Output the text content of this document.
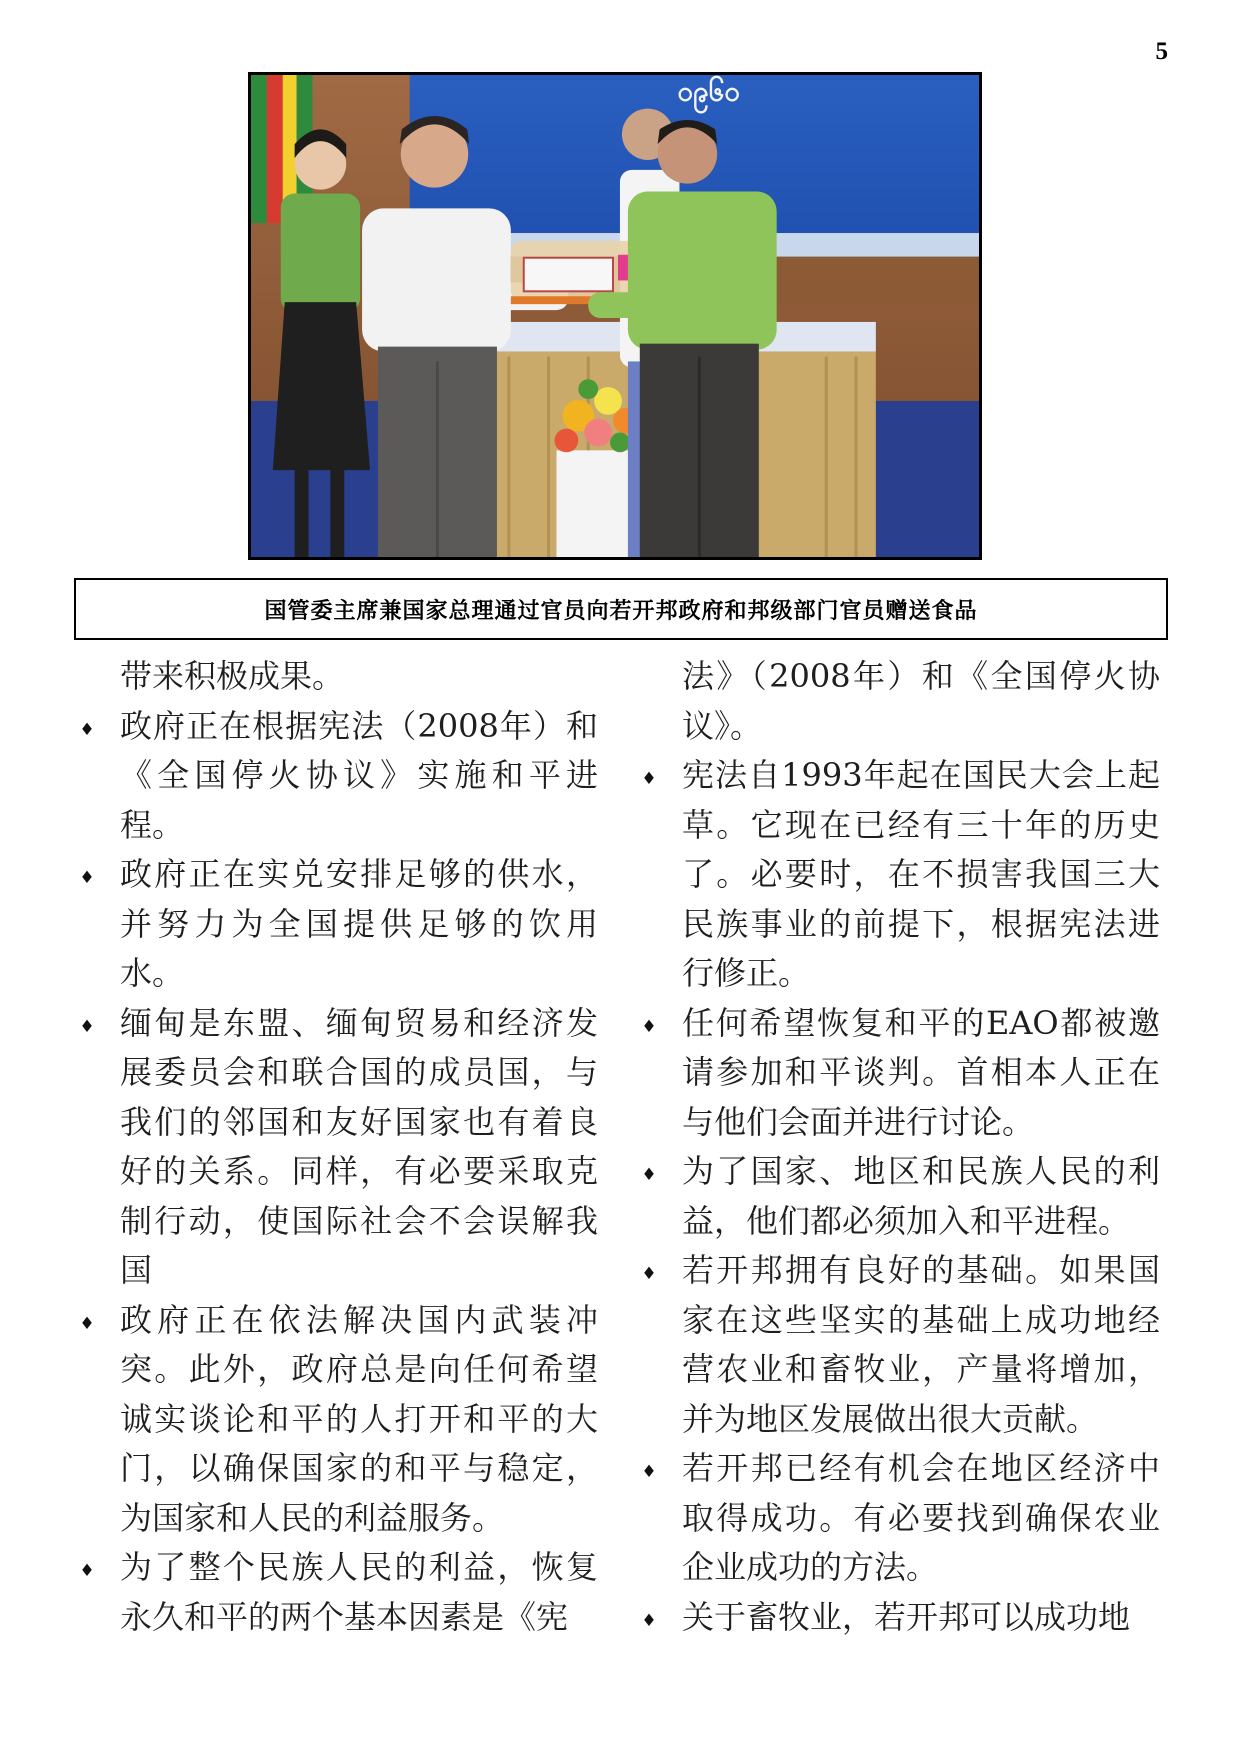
5
၀၉၆၀
国管委主席兼国家总理通过官员向若开邦政府和邦级部门官员赠送食品

带来积极成果。

♦ 政府正在根据宪法（2008年）和《全国停火协议》实施和平进程。

♦ 政府正在实兑安排足够的供水，并努力为全国提供足够的饮用水。

♦ 缅甸是东盟、缅甸贸易和经济发展委员会和联合国的成员国，与我们的邻国和友好国家也有着良好的关系。同样，有必要采取克制行动，使国际社会不会误解我国

♦ 政府正在依法解决国内武装冲突。此外，政府总是向任何希望诚实谈论和平的人打开和平的大门，以确保国家的和平与稳定，为国家和人民的利益服务。

♦ 为了整个民族人民的利益，恢复永久和平的两个基本因素是《宪

法》（2008年）和《全国停火协议》。

♦ 宪法自1993年起在国民大会上起草。它现在已经有三十年的历史了。必要时，在不损害我国三大民族事业的前提下，根据宪法进行修正。

♦ 任何希望恢复和平的EAO都被邀请参加和平谈判。首相本人正在与他们会面并进行讨论。

♦ 为了国家、地区和民族人民的利益，他们都必须加入和平进程。

♦ 若开邦拥有良好的基础。如果国家在这些坚实的基础上成功地经营农业和畜牧业，产量将增加，并为地区发展做出很大贡献。

♦ 若开邦已经有机会在地区经济中取得成功。有必要找到确保农业企业成功的方法。

♦ 关于畜牧业，若开邦可以成功地
